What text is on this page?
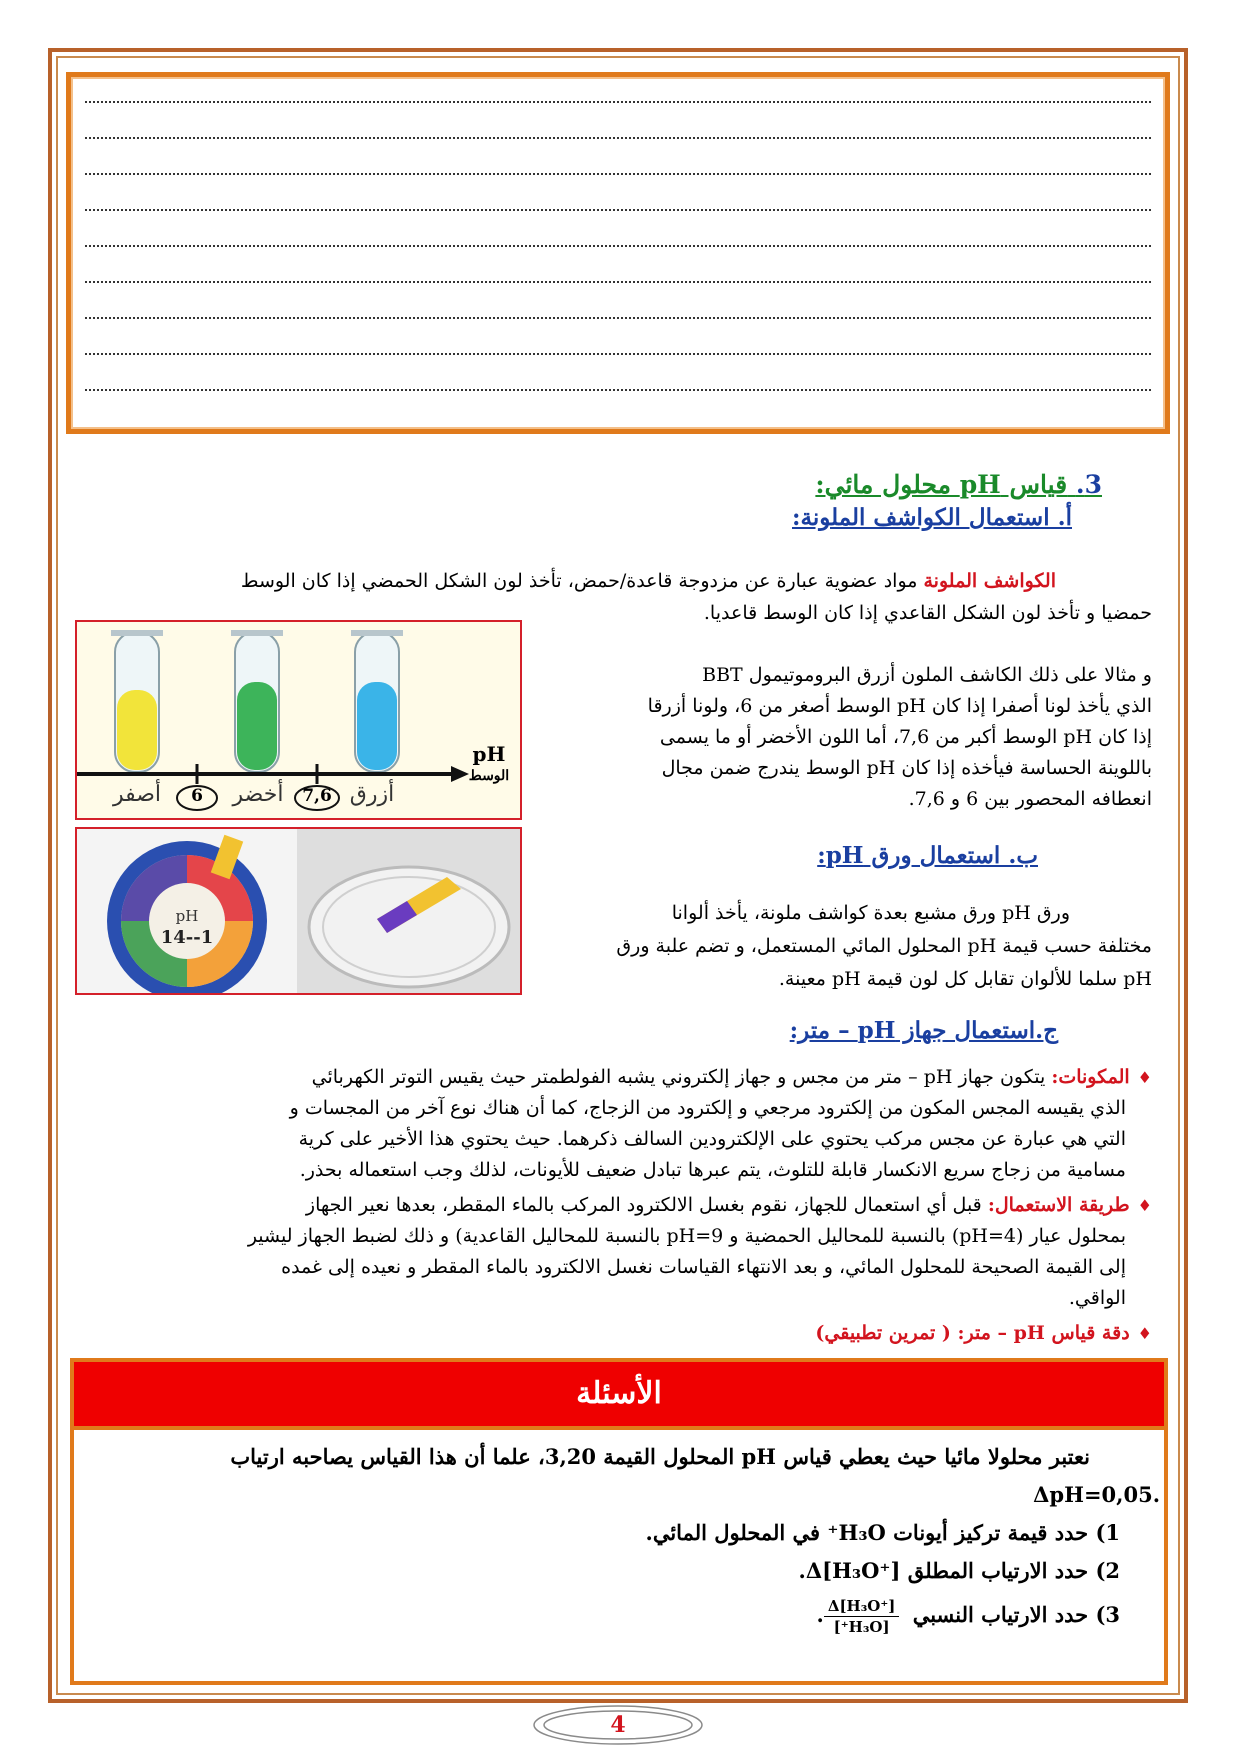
3. قياس pH محلول مائي:
أ. استعمال الكواشف الملونة:
الكواشف الملونة مواد عضوية عبارة عن مزدوجة قاعدة/حمض، تأخذ لون الشكل الحمضي إذا كان الوسط
حمضيا و تأخذ لون الشكل القاعدي إذا كان الوسط قاعديا.
و مثالا على ذلك الكاشف الملون أزرق البروموتيمول BBT
الذي يأخذ لونا أصفرا إذا كان pH الوسط أصغر من 6، ولونا أزرقا
إذا كان pH الوسط أكبر من 7,6، أما اللون الأخضر أو ما يسمى
باللوينة الحساسة فيأخذه إذا كان pH الوسط يندرج ضمن مجال
انعطافه المحصور بين 6 و 7,6.
6	7,6
أصفر	أخضر	أزرق
pH
الوسط
ب. استعمال ورق pH:
ورق pH ورق مشبع بعدة كواشف ملونة، يأخذ ألوانا
مختلفة حسب قيمة pH المحلول المائي المستعمل، و تضم علبة ورق
pH سلما للألوان تقابل كل لون قيمة pH معينة.
pH
1--14
ج.استعمال جهاز pH – متر:
♦المكونات: يتكون جهاز pH – متر من مجس و جهاز إلكتروني يشبه الفولطمتر حيث يقيس التوتر الكهربائي
الذي يقيسه المجس المكون من إلكترود مرجعي و إلكترود من الزجاج، كما أن هناك نوع آخر من المجسات و
التي هي عبارة عن مجس مركب يحتوي على الإلكترودين السالف ذكرهما. حيث يحتوي هذا الأخير على كرية
مسامية من زجاج سريع الانكسار قابلة للتلوث، يتم عبرها تبادل ضعيف للأيونات، لذلك وجب استعماله بحذر.
♦طريقة الاستعمال: قبل أي استعمال للجهاز، نقوم بغسل الالكترود المركب بالماء المقطر، بعدها نعير الجهاز
بمحلول عيار (pH=4) بالنسبة للمحاليل الحمضية و pH=9 بالنسبة للمحاليل القاعدية) و ذلك لضبط الجهاز ليشير
إلى القيمة الصحيحة للمحلول المائي، و بعد الانتهاء القياسات نغسل الالكترود بالماء المقطر و نعيده إلى غمده
الواقي.
♦دقة قياس pH – متر: ( تمرين تطبيقي)
الأسئلة
نعتبر محلولا مائيا حيث يعطي قياس pH المحلول القيمة 3,20، علما أن هذا القياس يصاحبه ارتياب
.ΔpH=0,05
1) حدد قيمة تركيز أيونات H₃O⁺ في المحلول المائي.
2) حدد الارتياب المطلق Δ[H₃O⁺].
3) حدد الارتياب النسبي
$\frac{\text{Δ[H₃O⁺]}}{\text{[H₃O⁺]}}$
.
4
